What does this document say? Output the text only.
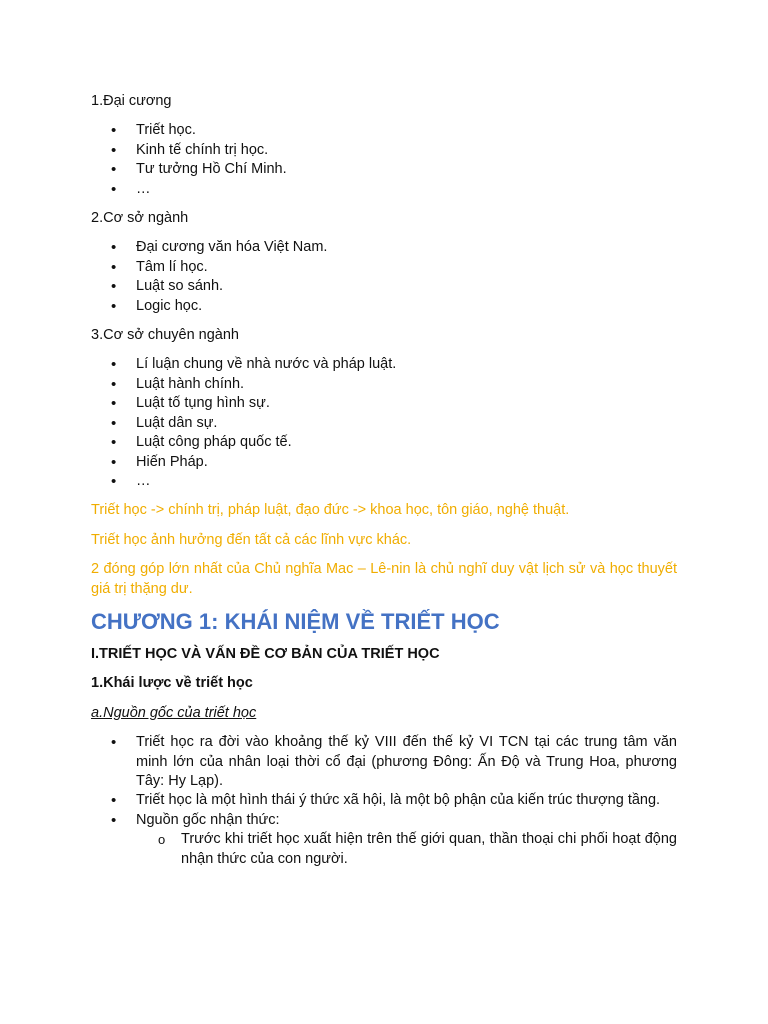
1.Đại cương

• Triết học.
• Kinh tế chính trị học.
• Tư tưởng Hồ Chí Minh.
• …

2.Cơ sở ngành

• Đại cương văn hóa Việt Nam.
• Tâm lí học.
• Luật so sánh.
• Logic học.

3.Cơ sở chuyên ngành

• Lí luận chung về nhà nước và pháp luật.
• Luật hành chính.
• Luật tố tụng hình sự.
• Luật dân sự.
• Luật công pháp quốc tế.
• Hiến Pháp.
• …

Triết học -> chính trị, pháp luật, đạo đức -> khoa học, tôn giáo, nghệ thuật.

Triết học ảnh hưởng đến tất cả các lĩnh vực khác.

2 đóng góp lớn nhất của Chủ nghĩa Mac – Lê-nin là chủ nghĩ duy vật lịch sử và học thuyết giá trị thặng dư.

CHƯƠNG 1: KHÁI NIỆM VỀ TRIẾT HỌC

I.TRIẾT HỌC VÀ VẤN ĐỀ CƠ BẢN CỦA TRIẾT HỌC

1.Khái lược về triết học

a.Nguồn gốc của triết học

• Triết học ra đời vào khoảng thế kỷ VIII đến thế kỷ VI TCN tại các trung tâm văn minh lớn của nhân loại thời cổ đại (phương Đông: Ấn Độ và Trung Hoa, phương Tây: Hy Lạp).
• Triết học là một hình thái ý thức xã hội, là một bộ phận của kiến trúc thượng tầng.
• Nguồn gốc nhận thức:
o Trước khi triết học xuất hiện trên thế giới quan, thần thoại chi phối hoạt động nhận thức của con người.
